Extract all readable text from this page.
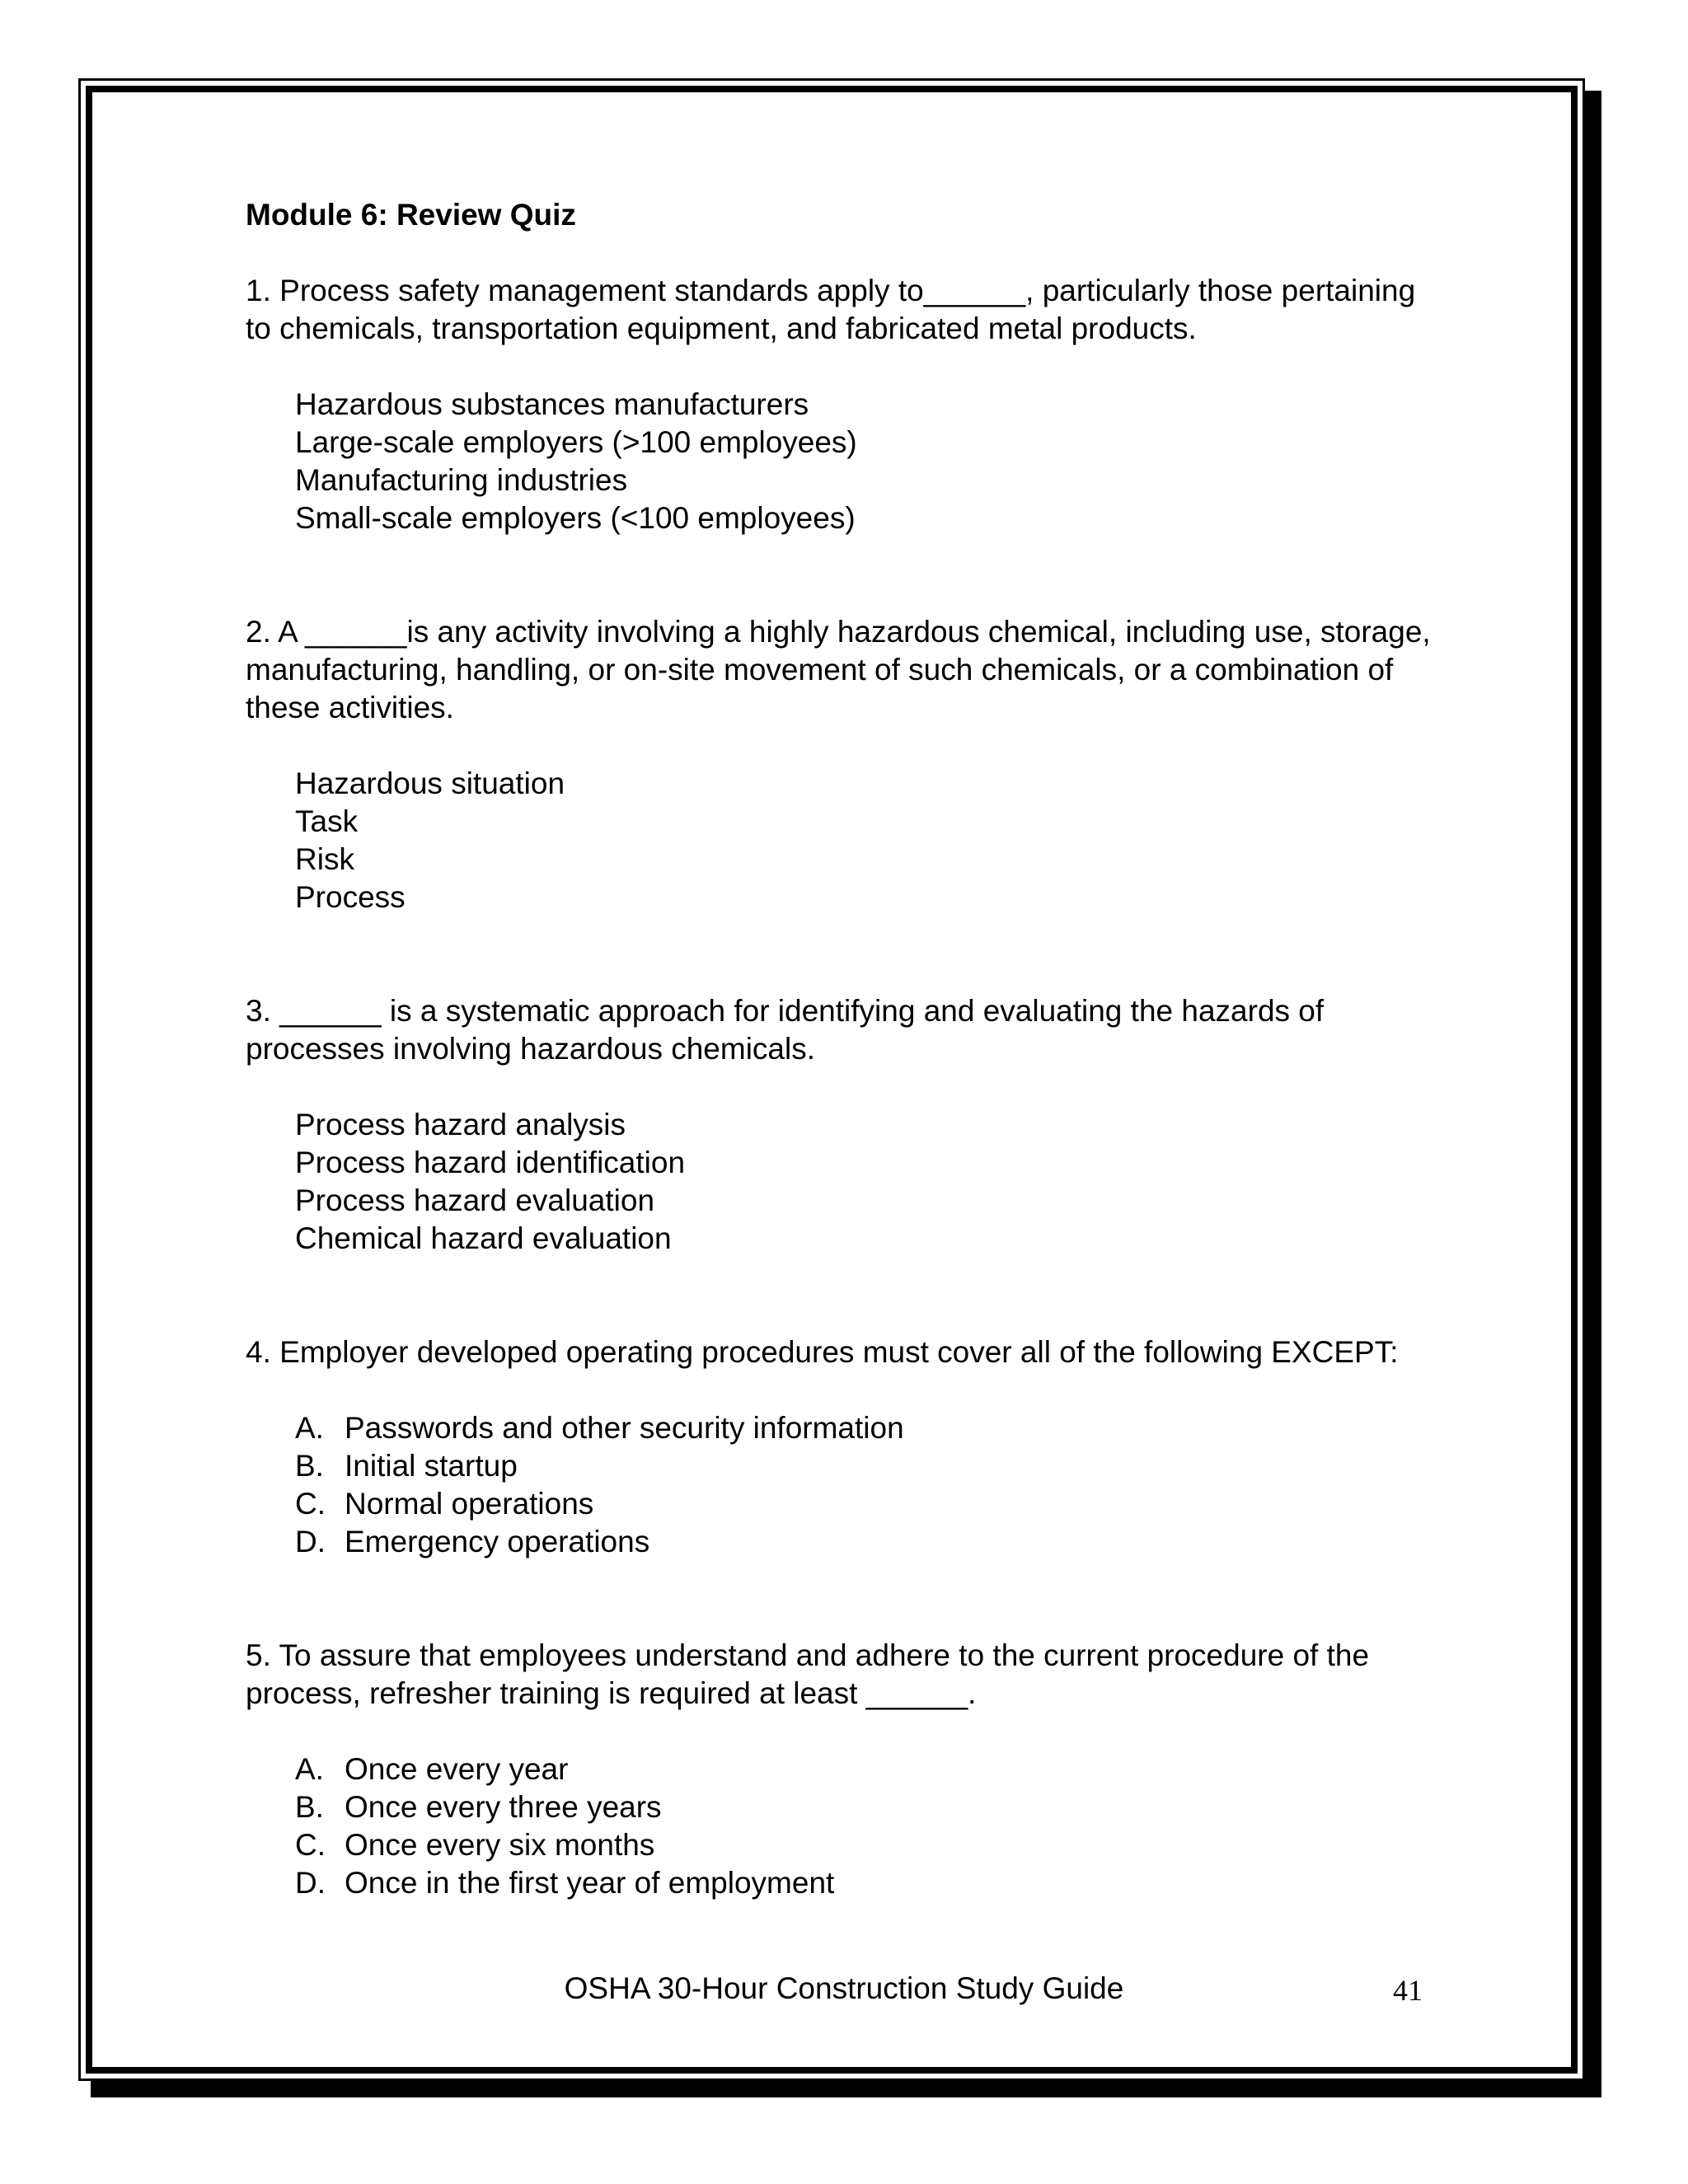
Module 6: Review Quiz

1. Process safety management standards apply to______, particularly those pertaining to chemicals, transportation equipment, and fabricated metal products.

Hazardous substances manufacturers
Large-scale employers (>100 employees)
Manufacturing industries
Small-scale employers (<100 employees)

2. A ______is any activity involving a highly hazardous chemical, including use, storage, manufacturing, handling, or on-site movement of such chemicals, or a combination of these activities.

Hazardous situation
Task
Risk
Process

3. ______ is a systematic approach for identifying and evaluating the hazards of processes involving hazardous chemicals.

Process hazard analysis
Process hazard identification
Process hazard evaluation
Chemical hazard evaluation

4. Employer developed operating procedures must cover all of the following EXCEPT:

A. Passwords and other security information
B. Initial startup
C. Normal operations
D. Emergency operations

5. To assure that employees understand and adhere to the current procedure of the process, refresher training is required at least ______.

A. Once every year
B. Once every three years
C. Once every six months
D. Once in the first year of employment
OSHA 30-Hour Construction Study Guide	41
